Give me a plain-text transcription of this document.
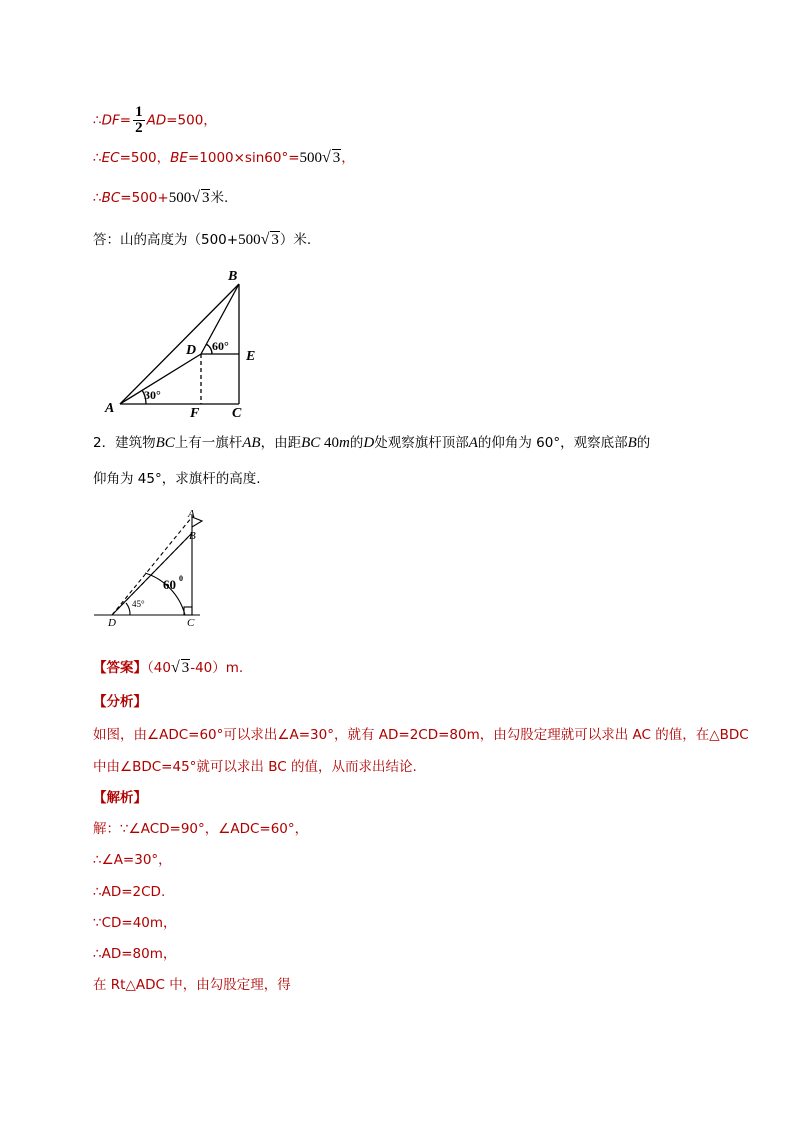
∴DF= $\frac{1}{2} AD=500$，
∴EC=500，BE=1000×sin60°=500√ 3，
∴BC=500+500√ 3米.
答：山的高度为（500+500√ 3）米.
B
D	E
A	F C
30°
60°
2．建筑物BC上有一旗杆AB，由距BC 40m的D处观察旗杆顶部A的仰角为 60°，观察底部B的
仰角为 45°，求旗杆的高度.
A
B
D	C
45°
60 0
【答案】（40√ 3-40）m.
【分析】
如图，由∠ADC=60°可以求出∠A=30°，就有 AD=2CD=80m，由勾股定理就可以求出 AC 的值，在△BDC
中由∠BDC=45°就可以求出 BC 的值，从而求出结论.
【解析】
解：∵∠ACD=90°，∠ADC=60°，
∴∠A=30°，
∴AD=2CD.
∵CD=40m，
∴AD=80m，
在 Rt△ADC 中，由勾股定理，得
